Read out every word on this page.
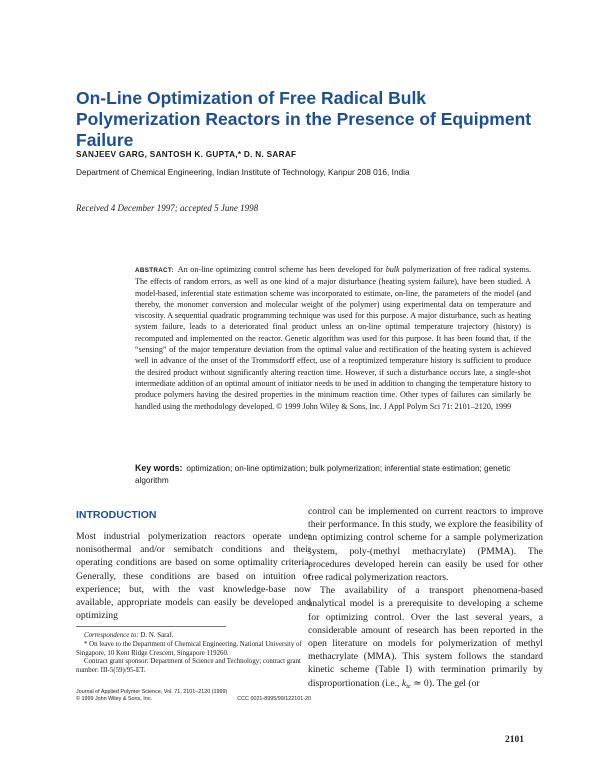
On-Line Optimization of Free Radical Bulk Polymerization Reactors in the Presence of Equipment Failure
SANJEEV GARG, SANTOSH K. GUPTA,* D. N. SARAF
Department of Chemical Engineering, Indian Institute of Technology, Kanpur 208 016, India
Received 4 December 1997; accepted 5 June 1998

ABSTRACT: An on-line optimizing control scheme has been developed for bulk polymerization of free radical systems. The effects of random errors, as well as one kind of a major disturbance (heating system failure), have been studied. A model-based, inferential state estimation scheme was incorporated to estimate, on-line, the parameters of the model (and thereby, the monomer conversion and molecular weight of the polymer) using experimental data on temperature and viscosity. A sequential quadratic programming technique was used for this purpose. A major disturbance, such as heating system failure, leads to a deteriorated final product unless an on-line optimal temperature trajectory (history) is recomputed and implemented on the reactor. Genetic algorithm was used for this purpose. It has been found that, if the “sensing” of the major temperature deviation from the optimal value and rectification of the heating system is achieved well in advance of the onset of the Trommsdorff effect, use of a reoptimized temperature history is sufficient to produce the desired product without significantly altering reaction time. However, if such a disturbance occurs late, a single-shot intermediate addition of an optimal amount of initiator needs to be used in addition to changing the temperature history to produce polymers having the desired properties in the minimum reaction time. Other types of failures can similarly be handled using the methodology developed. © 1999 John Wiley & Sons, Inc. J Appl Polym Sci 71: 2101–2120, 1999

Key words: optimization; on-line optimization; bulk polymerization; inferential state estimation; genetic algorithm

INTRODUCTION

Most industrial polymerization reactors operate under nonisothermal and/or semibatch conditions and their operating conditions are based on some optimality criteria. Generally, these conditions are based on intuition or experience; but, with the vast knowledge-base now available, appropriate models can easily be developed and optimizing

control can be implemented on current reactors to improve their performance. In this study, we explore the feasibility of an optimizing control scheme for a sample polymerization system, poly-(methyl methacrylate) (PMMA). The procedures developed herein can easily be used for other free radical polymerization reactors.

The availability of a transport phenomena-based analytical model is a prerequisite to developing a scheme for optimizing control. Over the last several years, a considerable amount of research has been reported in the open literature on models for polymerization of methyl methacrylate (MMA). This system follows the standard kinetic scheme (Table I) with termination primarily by disproportionation (i.e., $k_{tc}$ ≃ 0). The gel (or

Correspondence to: D. N. Saraf.
* On leave to the Department of Chemical Engineering, National University of Singapore, 10 Kent Ridge Crescent, Singapore 119260.
Contract grant sponsor: Department of Science and Technology; contract grant number: III-5(59)/95-ET.
Journal of Applied Polymer Science, Vol. 71, 2101–2120 (1999)
© 1999 John Wiley & Sons, Inc.	CCC 0021-8995/99/122101-20
2101
